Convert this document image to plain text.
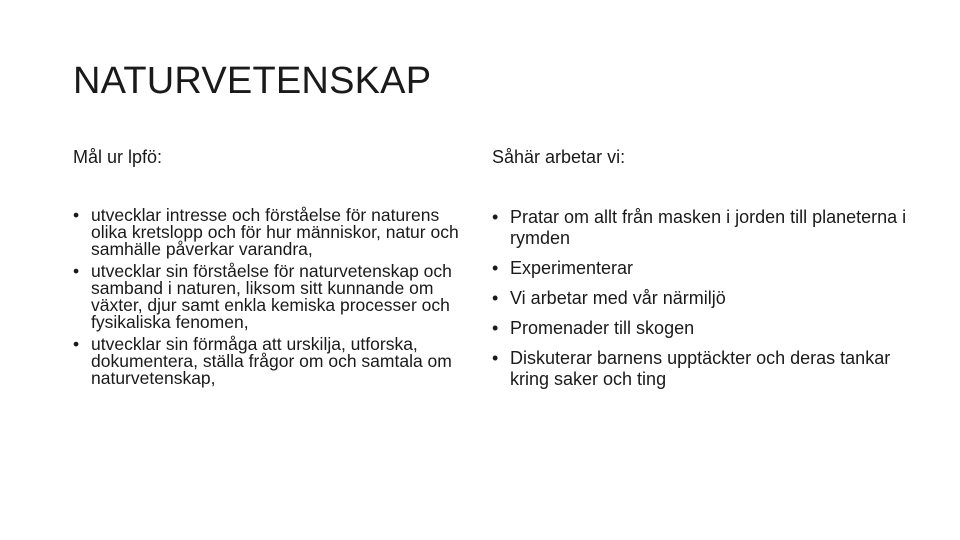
NATURVETENSKAP
Mål ur lpfö:
• utvecklar intresse och förståelse för naturens olika kretslopp och för hur människor, natur och samhälle påverkar varandra,
• utvecklar sin förståelse för naturvetenskap och samband i naturen, liksom sitt kunnande om växter, djur samt enkla kemiska processer och fysikaliska fenomen,
• utvecklar sin förmåga att urskilja, utforska, dokumentera, ställa frågor om och samtala om naturvetenskap,
Såhär arbetar vi:
• Pratar om allt från masken i jorden till planeterna i rymden
• Experimenterar
• Vi arbetar med vår närmiljö
• Promenader till skogen
• Diskuterar barnens upptäckter och deras tankar kring saker och ting
